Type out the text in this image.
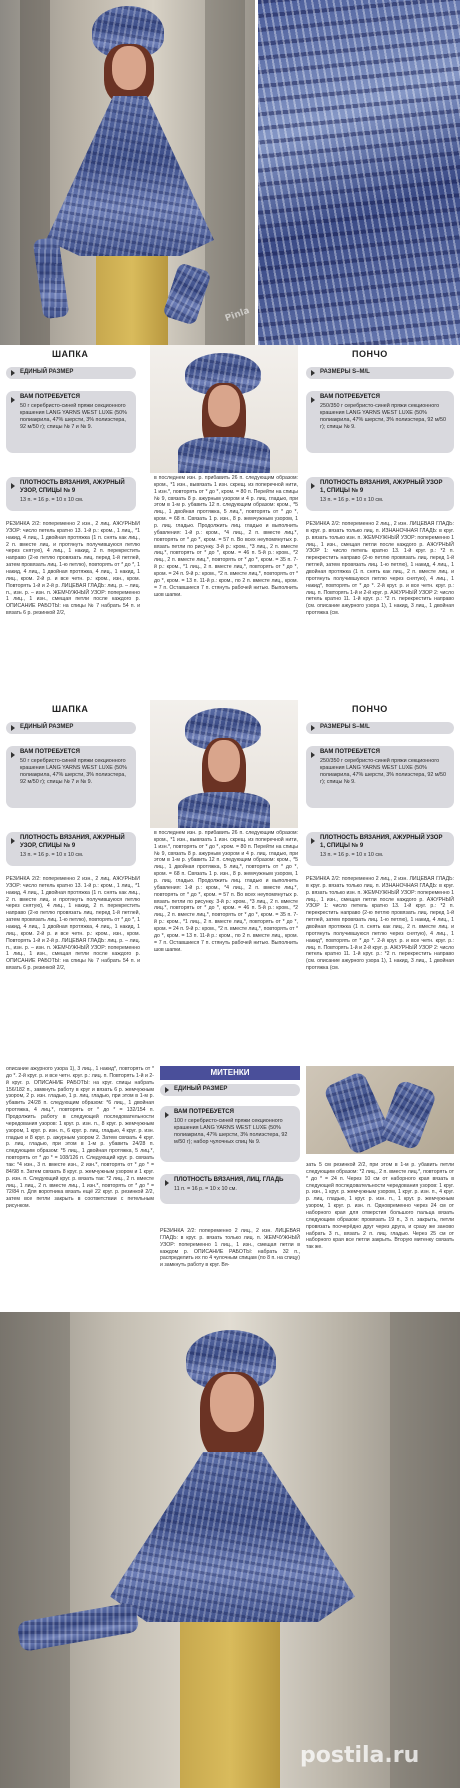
Pinla
ШАПКА	ПОНЧО
ЕДИНЫЙ РАЗМЕР
ВАМ ПОТРЕБУЕТСЯ
50 г серебристо-синей пряжи секционного крашения LANG YARNS WEST LUXE (50% полиакрила, 47% шерсти, 3% полиэстера, 92 м/50 г); спицы № 7 и № 9.
ПЛОТНОСТЬ ВЯЗАНИЯ, АЖУРНЫЙ УЗОР, СПИЦЫ № 9
13 п. = 16 р. = 10 x 10 см.
РАЗМЕРЫ S–M/L
ВАМ ПОТРЕБУЕТСЯ
250/350 г серебристо-синей пряжи секционного крашения LANG YARNS WEST LUXE (50% полиакрила, 47% шерсти, 3% полиэстера, 92 м/50 г); спицы № 9.
ПЛОТНОСТЬ ВЯЗАНИЯ, АЖУРНЫЙ УЗОР 1, СПИЦЫ № 9
13 п. = 16 р. = 10 x 10 см.
РЕЗИНКА 2/2: попеременно 2 изн., 2 лиц. АЖУРНЫЙ УЗОР: число петель кратно 13. 1-й р.: кром., 1 лиц., *1 накид, 4 лиц., 1 двойная протяжка (1 п. снять как лиц., 2 п. вместе лиц. и протянуть получившуюся петлю через снятую), 4 лиц., 1 накид, 2 п. перекрестить направо (2-ю петлю провязать лиц. перед 1-й петлей, затем провязать лиц. 1-ю петлю), повторять от * до *, 1 накид, 4 лиц., 1 двойная протяжка, 4 лиц., 1 накид, 1 лиц., кром. 2-й р. и все четн. р.: кром., изн., кром. Повторять 1-й и 2-й р. ЛИЦЕВАЯ ГЛАДЬ: лиц. р. – лиц. п., изн. р. – изн. п. ЖЕМЧУЖНЫЙ УЗОР: попеременно 1 лиц., 1 изн., смещая петли после каждого р. ОПИСАНИЕ РАБОТЫ: на спицы № 7 набрать 54 п. и вязать 6 р. резинкой 2/2,
в последнем изн. р. прибавить 26 п. следующим образом: кром., *1 изн., вывязать 1 изн. скрещ. из поперечной нити, 1 изн.*, повторять от * до *, кром. = 80 п. Перейти на спицы № 9, связать 8 р. ажурным узором и 4 р. лиц. гладью, при этом в 1-м р. убавить 12 п. следующим образом: кром., *5 лиц., 1 двойная протяжка, 5 лиц.*, повторять от * до *, кром. = 68 п. Связать 1 р. изн., 8 р. жемчужным узором, 1 р. лиц. гладью. Продолжить лиц. гладью и выполнить убавления: 1-й р.: кром., *4 лиц., 2 п. вместе лиц.*, повторять от * до *, кром. = 57 п. Во всех неупомянутых р. вязать петли по рисунку. 3-й р.: кром., *3 лиц., 2 п. вместе лиц.*, повторять от * до *, кром. = 46 п. 5-й р.: кром., *2 лиц., 2 п. вместе лиц.*, повторять от * до *, кром. = 35 п. 7-й р.: кром., *1 лиц., 2 п. вместе лиц.*, повторять от * до *, кром. = 24 п. 9-й р.: кром., *2 п. вместе лиц.*, повторять от * до *, кром. = 13 п. 11-й р.: кром., по 2 п. вместе лиц., кром. = 7 п. Оставшиеся 7 п. стянуть рабочей нитью. Выполнить шов шапки.
РЕЗИНКА 2/2: попеременно 2 лиц., 2 изн. ЛИЦЕВАЯ ГЛАДЬ: в круг. р. вязать только лиц. п. ИЗНАНОЧНАЯ ГЛАДЬ: в круг. р. вязать только изн. п. ЖЕМЧУЖНЫЙ УЗОР: попеременно 1 лиц., 1 изн., смещая петли после каждого р. АЖУРНЫЙ УЗОР 1: число петель кратно 13. 1-й круг. р.: *2 п. перекрестить направо (2-ю петлю провязать лиц. перед 1-й петлей, затем провязать лиц. 1-ю петлю), 1 накид, 4 лиц., 1 двойная протяжка (1 п. снять как лиц., 2 п. вместе лиц. и протянуть получившуюся петлю через снятую), 4 лиц., 1 накид*, повторять от * до *. 2-й круг. р. и все четн. круг. р.: лиц. п. Повторять 1-й и 2-й круг. р. АЖУРНЫЙ УЗОР 2: число петель кратно 11. 1-й круг. р.: *2 п. перекрестить направо (см. описание ажурного узора 1), 1 накид, 3 лиц., 1 двойная протяжка (см.
ШАПКА	ПОНЧО
ЕДИНЫЙ РАЗМЕР
ВАМ ПОТРЕБУЕТСЯ
50 г серебристо-синей пряжи секционного крашения LANG YARNS WEST LUXE (50% полиакрила, 47% шерсти, 3% полиэстера, 92 м/50 г); спицы № 7 и № 9.
ПЛОТНОСТЬ ВЯЗАНИЯ, АЖУРНЫЙ УЗОР, СПИЦЫ № 9
13 п. = 16 р. = 10 x 10 см.
РАЗМЕРЫ S–M/L
ВАМ ПОТРЕБУЕТСЯ
250/350 г серебристо-синей пряжи секционного крашения LANG YARNS WEST LUXE (50% полиакрила, 47% шерсти, 3% полиэстера, 92 м/50 г); спицы № 9.
ПЛОТНОСТЬ ВЯЗАНИЯ, АЖУРНЫЙ УЗОР 1, СПИЦЫ № 9
13 п. = 16 р. = 10 x 10 см.
РЕЗИНКА 2/2: попеременно 2 изн., 2 лиц. АЖУРНЫЙ УЗОР: число петель кратно 13. 1-й р.: кром., 1 лиц., *1 накид, 4 лиц., 1 двойная протяжка (1 п. снять как лиц., 2 п. вместе лиц. и протянуть получившуюся петлю через снятую), 4 лиц., 1 накид, 2 п. перекрестить направо (2-ю петлю провязать лиц. перед 1-й петлей, затем провязать лиц. 1-ю петлю), повторять от * до *, 1 накид, 4 лиц., 1 двойная протяжка, 4 лиц., 1 накид, 1 лиц., кром. 2-й р. и все четн. р.: кром., изн., кром. Повторять 1-й и 2-й р. ЛИЦЕВАЯ ГЛАДЬ: лиц. р. – лиц. п., изн. р. – изн. п. ЖЕМЧУЖНЫЙ УЗОР: попеременно 1 лиц., 1 изн., смещая петли после каждого р. ОПИСАНИЕ РАБОТЫ: на спицы № 7 набрать 54 п. и вязать 6 р. резинкой 2/2,
в последнем изн. р. прибавить 26 п. следующим образом: кром., *1 изн., вывязать 1 изн. скрещ. из поперечной нити, 1 изн.*, повторять от * до *, кром. = 80 п. Перейти на спицы № 9, связать 8 р. ажурным узором и 4 р. лиц. гладью, при этом в 1-м р. убавить 12 п. следующим образом: кром., *5 лиц., 1 двойная протяжка, 5 лиц.*, повторять от * до *, кром. = 68 п. Связать 1 р. изн., 8 р. жемчужным узором, 1 р. лиц. гладью. Продолжить лиц. гладью и выполнить убавления: 1-й р.: кром., *4 лиц., 2 п. вместе лиц.*, повторять от * до *, кром. = 57 п. Во всех неупомянутых р. вязать петли по рисунку. 3-й р.: кром., *3 лиц., 2 п. вместе лиц.*, повторять от * до *, кром. = 46 п. 5-й р.: кром., *2 лиц., 2 п. вместе лиц.*, повторять от * до *, кром. = 35 п. 7-й р.: кром., *1 лиц., 2 п. вместе лиц.*, повторять от * до *, кром. = 24 п. 9-й р.: кром., *2 п. вместе лиц.*, повторять от * до *, кром. = 13 п. 11-й р.: кром., по 2 п. вместе лиц., кром. = 7 п. Оставшиеся 7 п. стянуть рабочей нитью. Выполнить шов шапки.
РЕЗИНКА 2/2: попеременно 2 лиц., 2 изн. ЛИЦЕВАЯ ГЛАДЬ: в круг. р. вязать только лиц. п. ИЗНАНОЧНАЯ ГЛАДЬ: в круг. р. вязать только изн. п. ЖЕМЧУЖНЫЙ УЗОР: попеременно 1 лиц., 1 изн., смещая петли после каждого р. АЖУРНЫЙ УЗОР 1: число петель кратно 13. 1-й круг. р.: *2 п. перекрестить направо (2-ю петлю провязать лиц. перед 1-й петлей, затем провязать лиц. 1-ю петлю), 1 накид, 4 лиц., 1 двойная протяжка (1 п. снять как лиц., 2 п. вместе лиц. и протянуть получившуюся петлю через снятую), 4 лиц., 1 накид*, повторять от * до *. 2-й круг. р. и все четн. круг. р.: лиц. п. Повторять 1-й и 2-й круг. р. АЖУРНЫЙ УЗОР 2: число петель кратно 11. 1-й круг. р.: *2 п. перекрестить направо (см. описание ажурного узора 1), 1 накид, 3 лиц., 1 двойная протяжка (см.
описание ажурного узора 1), 3 лиц., 1 накид*, повторять от * до *. 2-й круг. р. и все четн. круг. р.: лиц. п. Повторять 1-й и 2-й круг. р. ОПИСАНИЕ РАБОТЫ: на круг. спицы набрать 156/182 п., замкнуть работу в круг и вязать 6 р. жемчужным узором, 2 р. изн. гладью, 1 р. лиц. гладью, при этом в 1-м р. убавить 24/28 п. следующим образом: *6 лиц., 1 двойная протяжка, 4 лиц.*, повторять от * до * = 132/154 п. Продолжить работу в следующей последовательности чередования узоров: 1 круг. р. изн. п., 8 круг. р. жемчужным узором, 1 круг. р. изн. п., 6 круг. р. лиц. гладью, 4 круг. р. изн. гладью и 8 круг. р. ажурным узором 2. Затем связать 4 круг. р. лиц. гладью, при этом в 1-м р. убавить 24/28 п. следующим образом: *5 лиц., 1 двойная протяжка, 5 лиц.*, повторять от * до * = 108/126 п. Следующий круг. р. связать так: *4 изн., 3 п. вместе изн., 2 изн.*, повторять от * до * = 84/98 п. Затем связать 8 круг. р. жемчужным узором и 1 круг. р. изн. п. Следующий круг. р. вязать так: *2 лиц., 2 п. вместе лиц., 1 лиц., 2 п. вместе лиц., 1 изн.*, повторять от * до * = 72/84 п. Для воротника вязать ещё 22 круг. р. резинкой 2/2, затем все петли закрыть в соответствии с петельным рисунком.
МИТЕНКИ
ЕДИНЫЙ РАЗМЕР
ВАМ ПОТРЕБУЕТСЯ
100 г серебристо-синей пряжи секционного крашения LANG YARNS WEST LUXE (50% полиакрила, 47% шерсти, 3% полиэстера, 92 м/50 г); набор чулочных спиц № 9.
ПЛОТНОСТЬ ВЯЗАНИЯ, ЛИЦ. ГЛАДЬ
11 п. = 16 р. = 10 x 10 см.
РЕЗИНКА 2/2: попеременно 2 лиц., 2 изн. ЛИЦЕВАЯ ГЛАДЬ: в круг. р. вязать только лиц. п. ЖЕМЧУЖНЫЙ УЗОР: попеременно 1 лиц., 1 изн., смещая петли в каждом р. ОПИСАНИЕ РАБОТЫ: набрать 32 п., распределить их по 4 чулочным спицам (по 8 п. на спицу) и замкнуть работу в круг. Вя-
зать 5 см резинкой 2/2, при этом в 1-м р. убавить петли следующим образом: *2 лиц., 2 п. вместе лиц.*, повторять от * до * = 24 п. Через 10 см от наборного края вязать в следующей последовательности чередования узоров: 1 круг. р. изн., 1 круг. р. жемчужным узором, 1 круг. р. изн. п., 4 круг. р. лиц. гладью, 1 круг. р. изн. п., 1 круг. р. жемчужным узором, 1 круг. р. изн. п. Одновременно через 24 см от наборного края для отверстия большого пальца вязать следующим образом: провязать 19 п., 3 п. закрыть, петли провязать поочерёдно друг через друга, и сразу же заново набрать 3 п., вязать 2 п. лиц. гладью. Через 25 см от наборного края все петли закрыть. Вторую митенку связать так же.
postila.ru
